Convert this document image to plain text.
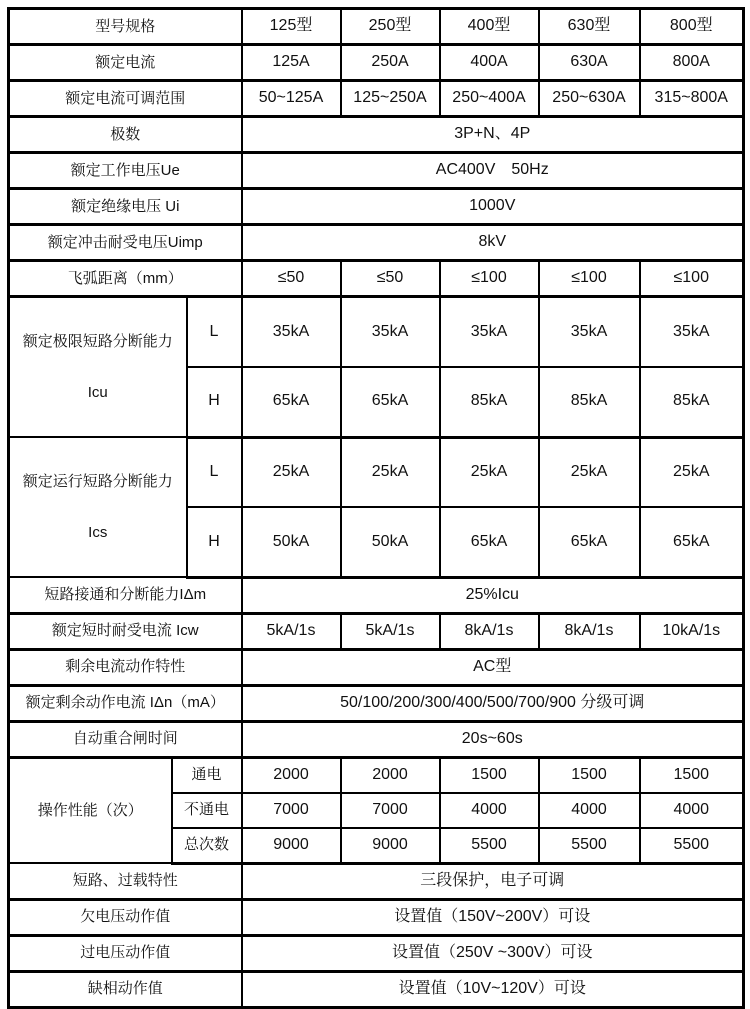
型号规格			125型	250型	400型	630型	800型
额定电流			125A	250A	400A	630A	800A
额定电流可调范围			50~125A	125~250A	250~400A	250~630A	315~800A
极数			3P+N、4P				
额定工作电压Ue			AC400V　50Hz				
额定绝缘电压 Ui			1000V				
额定冲击耐受电压Uimp			8kV				
飞弧距离（mm）			≤50	≤50	≤100	≤100	≤100

额定极限短路分断能力

Icu		L	35kA	35kA	35kA	35kA	35kA
		H	65kA	65kA	85kA	85kA	85kA

额定运行短路分断能力

Ics		L	25kA	25kA	25kA	25kA	25kA
		H	50kA	50kA	65kA	65kA	65kA
短路接通和分断能力IΔm			25%Icu				
额定短时耐受电流 Icw			5kA/1s	5kA/1s	8kA/1s	8kA/1s	10kA/1s
剩余电流动作特性			AC型				
额定剩余动作电流 IΔn（mA）			50/100/200/300/400/500/700/900 分级可调				
自动重合闸时间			20s~60s				
操作性能（次）	通电		2000	2000	1500	1500	1500
	不通电		7000	7000	4000	4000	4000
	总次数		9000	9000	5500	5500	5500
短路、过载特性			三段保护，电子可调				
欠电压动作值			设置值（150V~200V）可设				
过电压动作值			设置值（250V ~300V）可设				
缺相动作值			设置值（10V~120V）可设				
